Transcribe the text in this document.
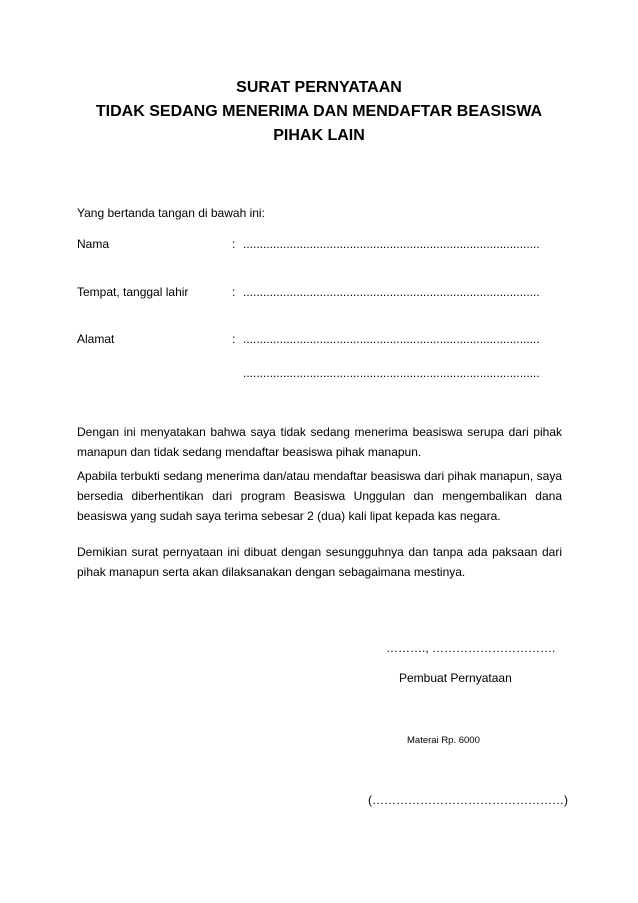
SURAT PERNYATAAN
TIDAK SEDANG MENERIMA DAN MENDAFTAR BEASISWA
PIHAK LAIN
Yang bertanda tangan di bawah ini:
Nama	: .........................................................................................
Tempat, tanggal lahir	: .........................................................................................
Alamat	: .........................................................................................
.........................................................................................
Dengan ini menyatakan bahwa saya tidak sedang menerima beasiswa serupa dari pihak
manapun dan tidak sedang mendaftar beasiswa pihak manapun.
Apabila terbukti sedang menerima dan/atau mendaftar beasiswa dari pihak manapun, saya
bersedia diberhentikan dari program Beasiswa Unggulan dan mengembalikan dana
beasiswa yang sudah saya terima sebesar 2 (dua) kali lipat kepada kas negara.
Demikian surat pernyataan ini dibuat dengan sesungguhnya dan tanpa ada paksaan dari
pihak manapun serta akan dilaksanakan dengan sebagaimana mestinya.
………., ………………………….
Pembuat Pernyataan
Materai Rp. 6000
(…………………………………………)
